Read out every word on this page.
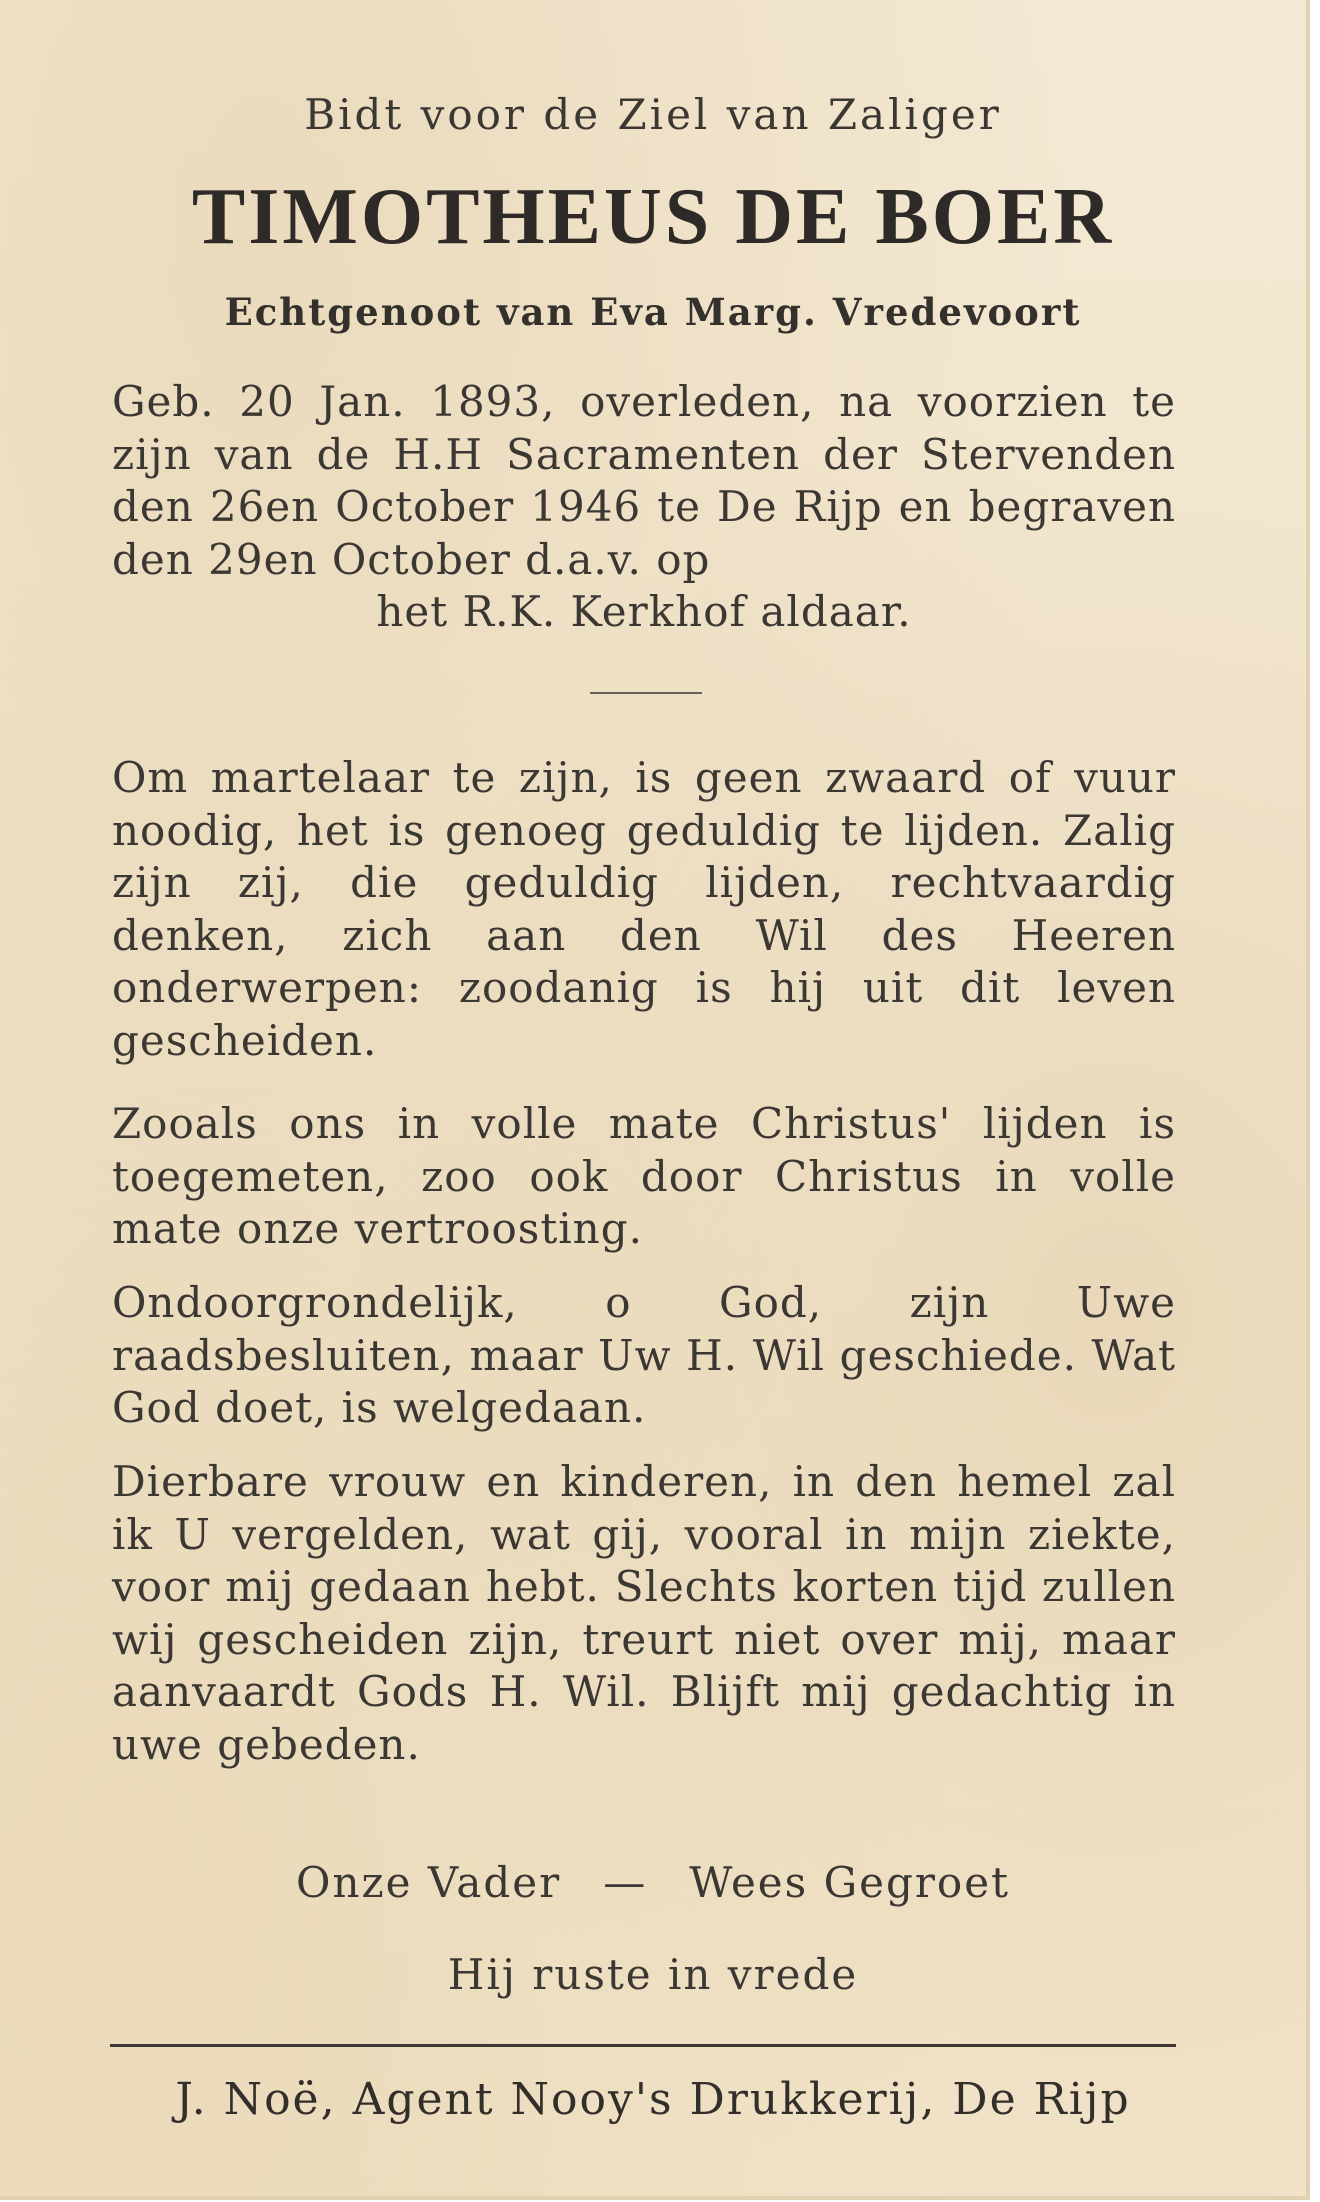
Bidt voor de Ziel van Zaliger
TIMOTHEUS DE BOER
Echtgenoot van Eva Marg. Vredevoort
Geb. 20 Jan. 1893, overleden, na voorzien te zijn van de H.H Sacramenten der Stervenden den 26en October 1946 te De Rijp en begraven den 29en October d.a.v. op
het R.K. Kerkhof aldaar.
Om martelaar te zijn, is geen zwaard of vuur noodig, het is genoeg geduldig te lijden. Zalig zijn zij, die geduldig lijden, rechtvaardig denken, zich aan den Wil des Heeren onderwerpen: zoodanig is hij uit dit leven gescheiden.
Zooals ons in volle mate Christus' lijden is toegemeten, zoo ook door Christus in volle mate onze vertroosting.
Ondoorgrondelijk, o God, zijn Uwe raadsbesluiten, maar Uw H. Wil geschiede. Wat God doet, is welgedaan.
Dierbare vrouw en kinderen, in den hemel zal ik U vergelden, wat gij, vooral in mijn ziekte, voor mij gedaan hebt. Slechts korten tijd zullen wij gescheiden zijn, treurt niet over mij, maar aanvaardt Gods H. Wil. Blijft mij gedachtig in uwe gebeden.
Onze Vader — Wees Gegroet
Hij ruste in vrede
J. Noë, Agent Nooy's Drukkerij, De Rijp
